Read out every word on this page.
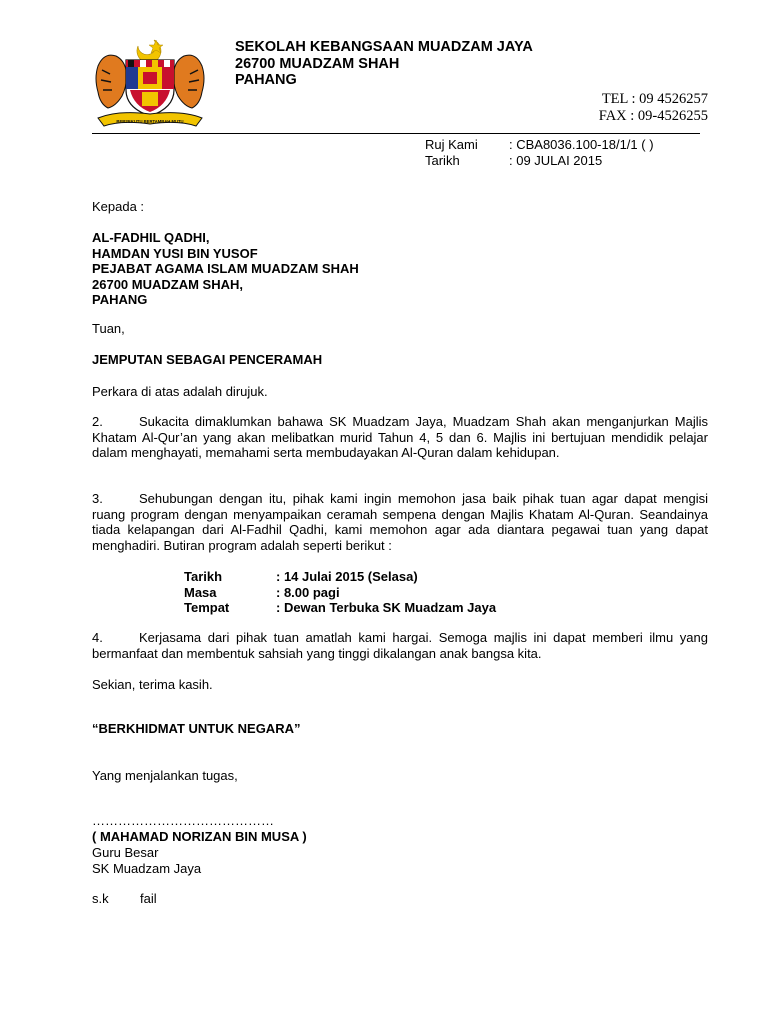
BERSEKUTU BERTAMBAH MUTU
SEKOLAH KEBANGSAAN MUADZAM JAYA
26700 MUADZAM SHAH
PAHANG
TEL : 09 4526257
FAX : 09-4526255
Ruj Kami	: CBA8036.100-18/1/1 ( )
Tarikh	: 09 JULAI 2015
Kepada :
AL-FADHIL QADHI,
HAMDAN YUSI BIN YUSOF
PEJABAT AGAMA ISLAM MUADZAM SHAH
26700 MUADZAM SHAH,
PAHANG
Tuan,
JEMPUTAN SEBAGAI PENCERAMAH
Perkara di atas adalah dirujuk.
2.	Sukacita dimaklumkan bahawa SK Muadzam Jaya, Muadzam Shah akan menganjurkan Majlis Khatam Al-Qur’an yang akan melibatkan murid Tahun 4, 5 dan 6. Majlis ini bertujuan mendidik pelajar dalam menghayati, memahami serta membudayakan Al-Quran dalam kehidupan.
3.	Sehubungan dengan itu, pihak kami ingin memohon jasa baik pihak tuan agar dapat mengisi ruang program dengan menyampaikan ceramah sempena dengan Majlis Khatam Al-Quran. Seandainya tiada kelapangan dari Al-Fadhil Qadhi, kami memohon agar ada diantara pegawai tuan yang dapat menghadiri. Butiran program adalah seperti berikut :
Tarikh	: 14 Julai 2015 (Selasa)
Masa	: 8.00 pagi
Tempat	: Dewan Terbuka SK Muadzam Jaya
4.	Kerjasama dari pihak tuan amatlah kami hargai. Semoga majlis ini dapat memberi ilmu yang bermanfaat dan membentuk sahsiah yang tinggi dikalangan anak bangsa kita.
Sekian, terima kasih.
“BERKHIDMAT UNTUK NEGARA”
Yang menjalankan tugas,
……………………………………
( MAHAMAD NORIZAN BIN MUSA )
Guru Besar
SK Muadzam Jaya
s.k	fail
